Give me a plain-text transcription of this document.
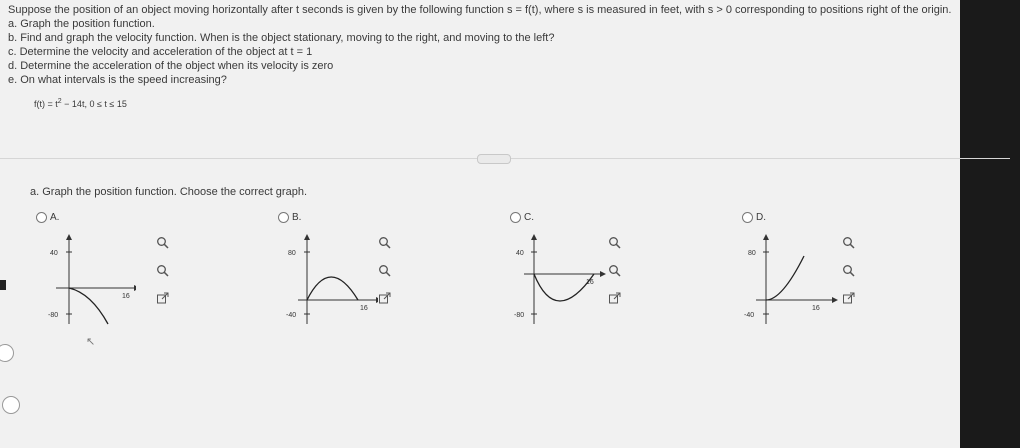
Suppose the position of an object moving horizontally after t seconds is given by the following function s = f(t), where s is measured in feet, with s > 0 corresponding to positions right of the origin.
a. Graph the position function.
b. Find and graph the velocity function. When is the object stationary, moving to the right, and moving to the left?
c. Determine the velocity and acceleration of the object at t = 1
d. Determine the acceleration of the object when its velocity is zero
e. On what intervals is the speed increasing?
$f(t) = t^2 - 14t$, 0 ≤ t ≤ 15
a. Graph the position function. Choose the correct graph.
A.
40
-80
16
B.
80
-40
16
C.
40
-80
16
D.
80
-40
16
↖
